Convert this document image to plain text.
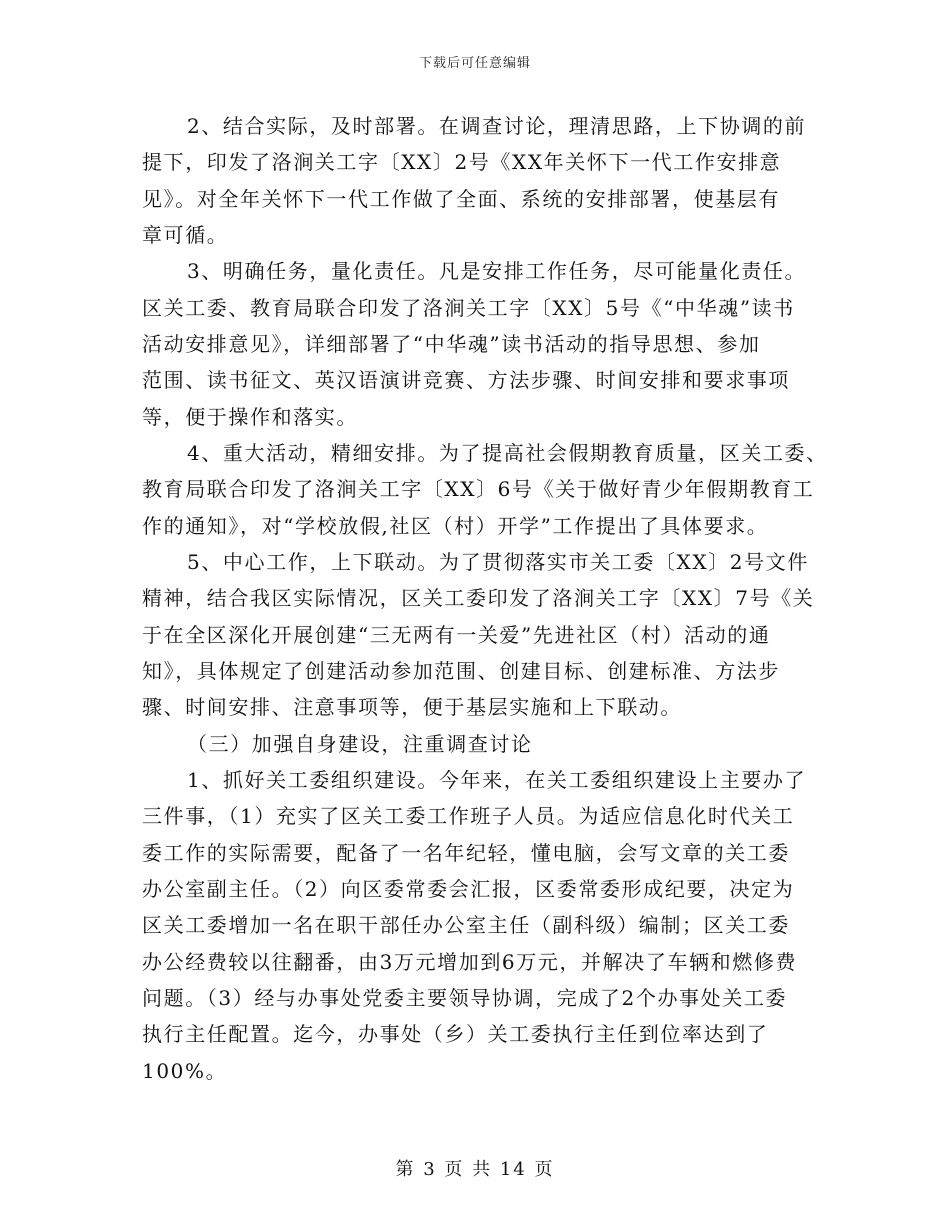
下载后可任意编辑
2、结合实际，及时部署。在调查讨论，理清思路，上下协调的前
提下，印发了洛涧关工字〔XX〕2号《XX年关怀下一代工作安排意
见》。对全年关怀下一代工作做了全面、系统的安排部署，使基层有
章可循。
3、明确任务，量化责任。凡是安排工作任务，尽可能量化责任。
区关工委、教育局联合印发了洛涧关工字〔XX〕5号《“中华魂”读书
活动安排意见》，详细部署了“中华魂”读书活动的指导思想、参加
范围、读书征文、英汉语演讲竞赛、方法步骤、时间安排和要求事项
等，便于操作和落实。
4、重大活动，精细安排。为了提高社会假期教育质量，区关工委、
教育局联合印发了洛涧关工字〔XX〕6号《关于做好青少年假期教育工
作的通知》，对“学校放假,社区（村）开学”工作提出了具体要求。
5、中心工作，上下联动。为了贯彻落实市关工委〔XX〕2号文件
精神，结合我区实际情况，区关工委印发了洛涧关工字〔XX〕7号《关
于在全区深化开展创建“三无两有一关爱”先进社区（村）活动的通
知》，具体规定了创建活动参加范围、创建目标、创建标准、方法步
骤、时间安排、注意事项等，便于基层实施和上下联动。
（三）加强自身建设，注重调查讨论
1、抓好关工委组织建设。今年来，在关工委组织建设上主要办了
三件事，（1）充实了区关工委工作班子人员。为适应信息化时代关工
委工作的实际需要，配备了一名年纪轻，懂电脑，会写文章的关工委
办公室副主任。（2）向区委常委会汇报，区委常委形成纪要，决定为
区关工委增加一名在职干部任办公室主任（副科级）编制；区关工委
办公经费较以往翻番，由3万元增加到6万元，并解决了车辆和燃修费
问题。（3）经与办事处党委主要领导协调，完成了2个办事处关工委
执行主任配置。迄今，办事处（乡）关工委执行主任到位率达到了
100%。
第 3 页 共 14 页
